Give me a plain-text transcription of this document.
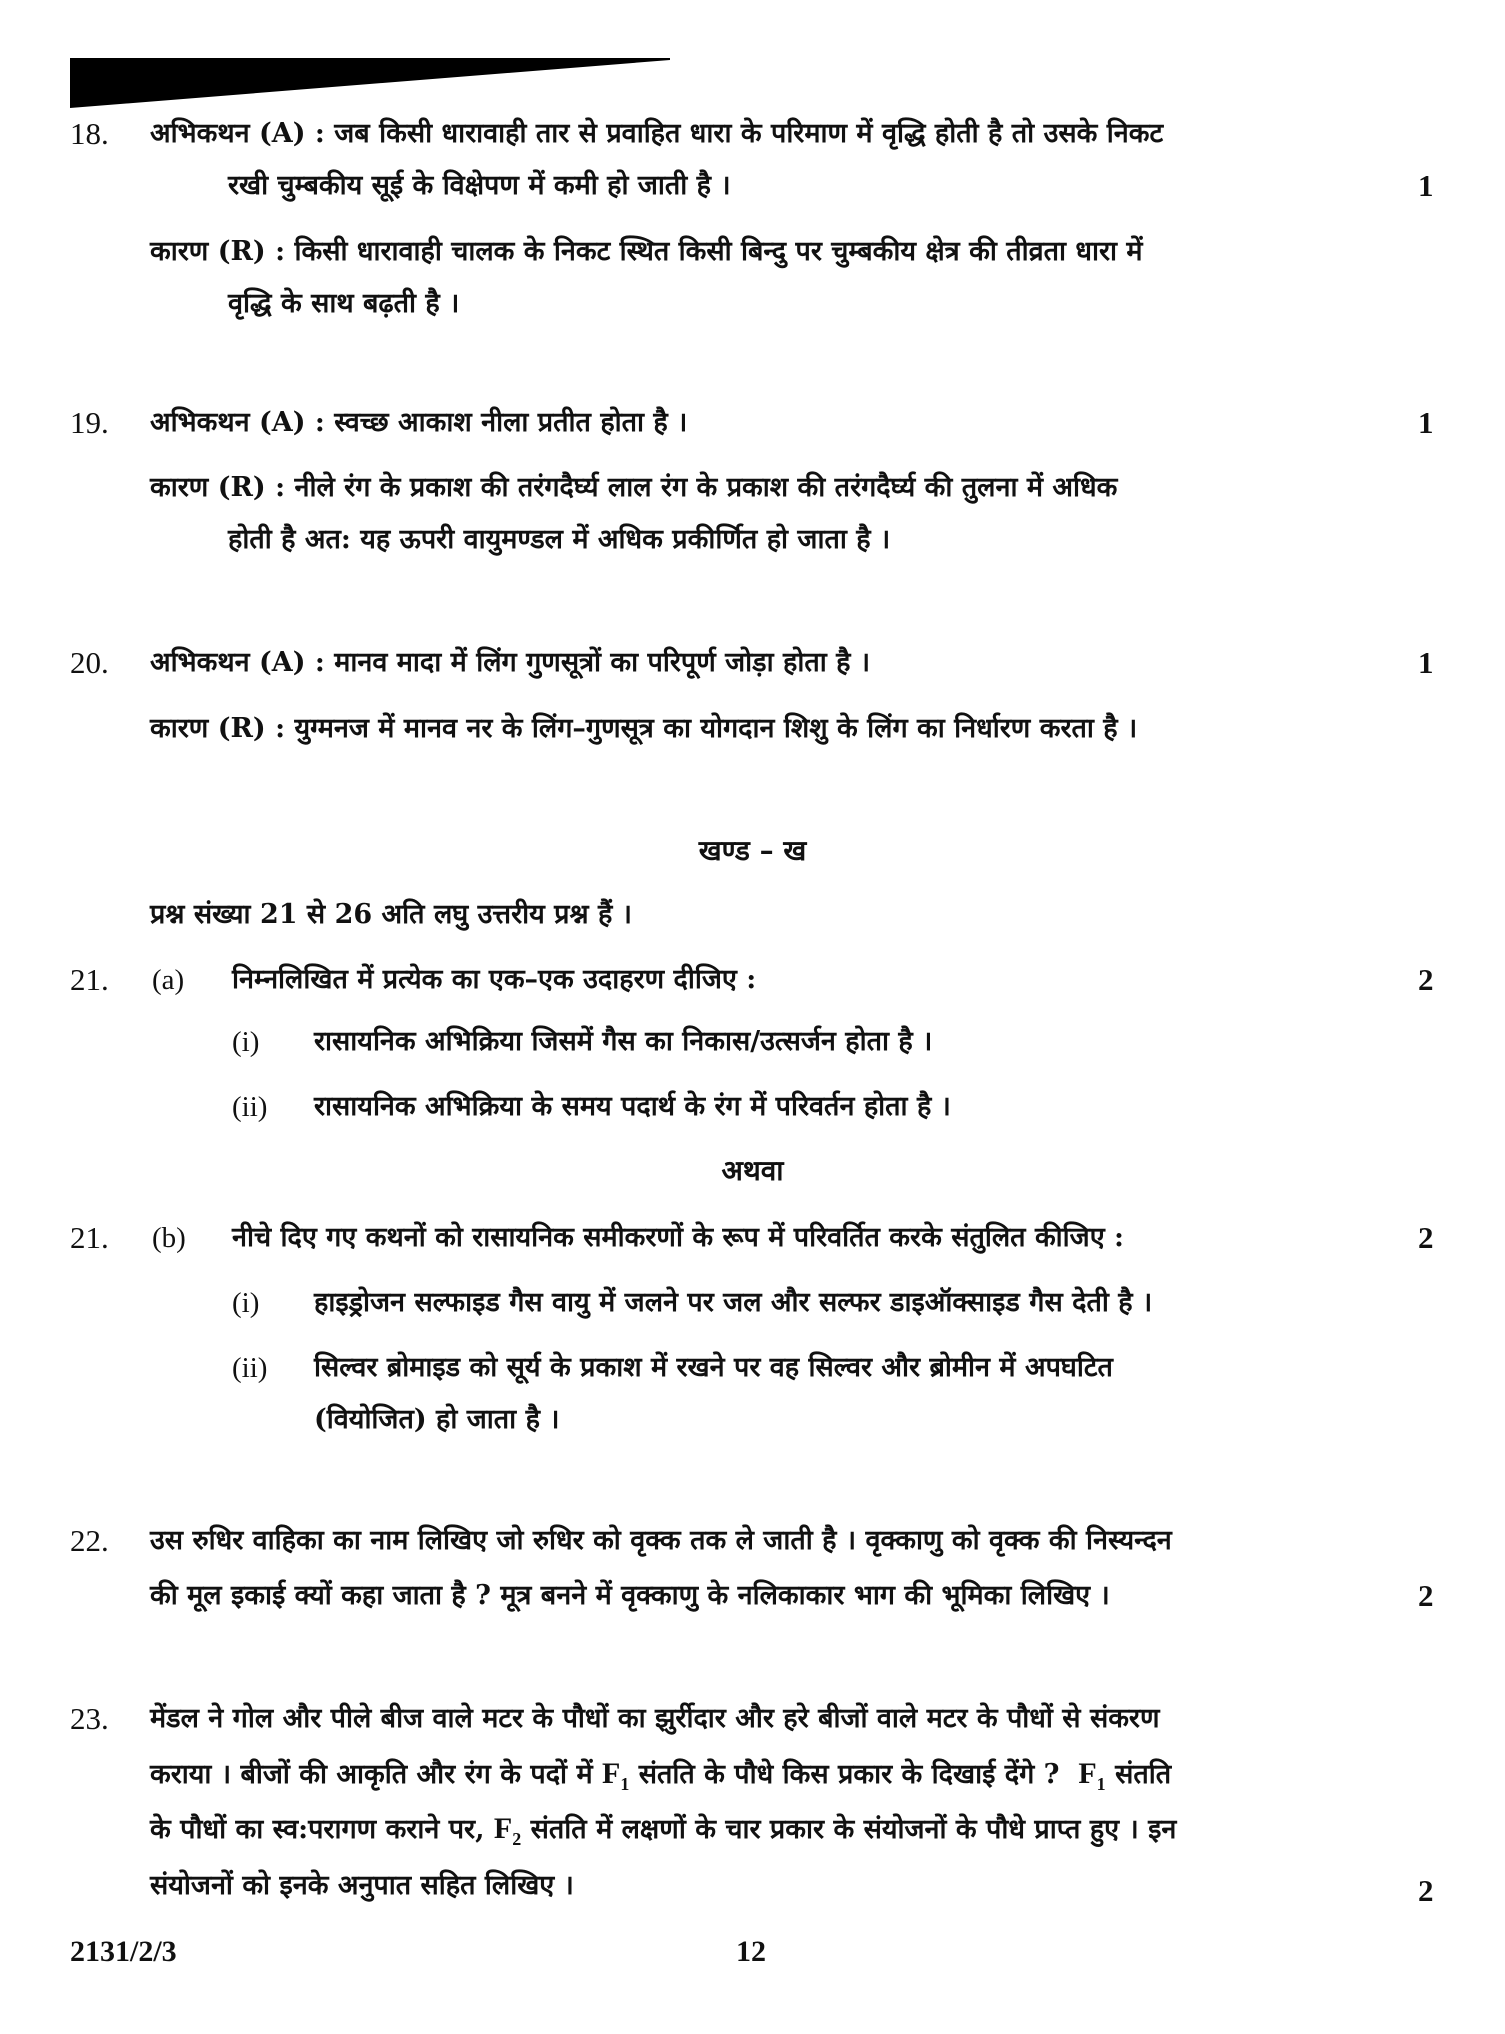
18. अभिकथन (A) : जब किसी धारावाही तार से प्रवाहित धारा के परिमाण में वृद्धि होती है तो उसके निकट
रखी चुम्बकीय सूई के विक्षेपण में कमी हो जाती है ।	1
कारण (R) : किसी धारावाही चालक के निकट स्थित किसी बिन्दु पर चुम्बकीय क्षेत्र की तीव्रता धारा में
वृद्धि के साथ बढ़ती है ।
19. अभिकथन (A) : स्वच्छ आकाश नीला प्रतीत होता है ।	1
कारण (R) : नीले रंग के प्रकाश की तरंगदैर्घ्य लाल रंग के प्रकाश की तरंगदैर्घ्य की तुलना में अधिक
होती है अत: यह ऊपरी वायुमण्डल में अधिक प्रकीर्णित हो जाता है ।
20. अभिकथन (A) : मानव मादा में लिंग गुणसूत्रों का परिपूर्ण जोड़ा होता है ।	1
कारण (R) : युग्मनज में मानव नर के लिंग–गुणसूत्र का योगदान शिशु के लिंग का निर्धारण करता है ।
खण्ड – ख
प्रश्न संख्या 21 से 26 अति लघु उत्तरीय प्रश्न हैं ।
21. (a) निम्नलिखित में प्रत्येक का एक–एक उदाहरण दीजिए :	2
(i) रासायनिक अभिक्रिया जिसमें गैस का निकास/उत्सर्जन होता है ।
(ii) रासायनिक अभिक्रिया के समय पदार्थ के रंग में परिवर्तन होता है ।
अथवा
21. (b) नीचे दिए गए कथनों को रासायनिक समीकरणों के रूप में परिवर्तित करके संतुलित कीजिए :	2
(i) हाइड्रोजन सल्फाइड गैस वायु में जलने पर जल और सल्फर डाइऑक्साइड गैस देती है ।
(ii) सिल्वर ब्रोमाइड को सूर्य के प्रकाश में रखने पर वह सिल्वर और ब्रोमीन में अपघटित
(वियोजित) हो जाता है ।
22. उस रुधिर वाहिका का नाम लिखिए जो रुधिर को वृक्क तक ले जाती है । वृक्काणु को वृक्क की निस्यन्दन
की मूल इकाई क्यों कहा जाता है ? मूत्र बनने में वृक्काणु के नलिकाकार भाग की भूमिका लिखिए ।	2
23. मेंडल ने गोल और पीले बीज वाले मटर के पौधों का झुर्रीदार और हरे बीजों वाले मटर के पौधों से संकरण
कराया । बीजों की आकृति और रंग के पदों में $F_1$ संतति के पौधे किस प्रकार के दिखाई देंगे ? $F_1$ संतति
के पौधों का स्व:परागण कराने पर, $F_2$ संतति में लक्षणों के चार प्रकार के संयोजनों के पौधे प्राप्त हुए । इन
संयोजनों को इनके अनुपात सहित लिखिए ।	2
2131/2/3	12
